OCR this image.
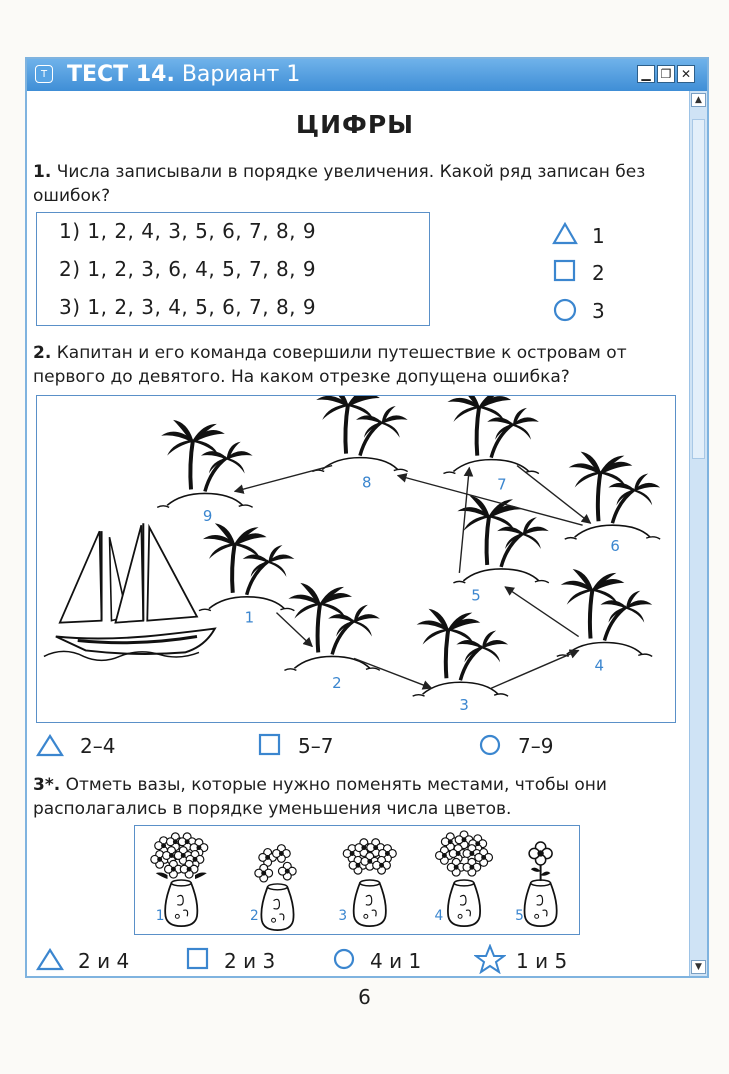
T ТЕСТ 14. Вариант 1	▁ ❐ ✕
▲
▼
ЦИФРЫ
1. Числа записывали в порядке увеличения. Какой ряд записан без ошибок?
1) 1, 2, 4, 3, 5, 6, 7, 8, 9
2) 1, 2, 3, 6, 4, 5, 7, 8, 9
3) 1, 2, 3, 4, 5, 6, 7, 8, 9
1
2
3
2. Капитан и его команда совершили путешествие к островам от первого до девятого. На каком отрезке допущена ошибка?
1
2
3
4
5
6
7
8
9
2–4	5–7	7–9
3*. Отметь вазы, которые нужно поменять местами, чтобы они располагались в порядке уменьшения числа цветов.
1	2	3	4	5
2 и 4	2 и 3	4 и 1	1 и 5
6
